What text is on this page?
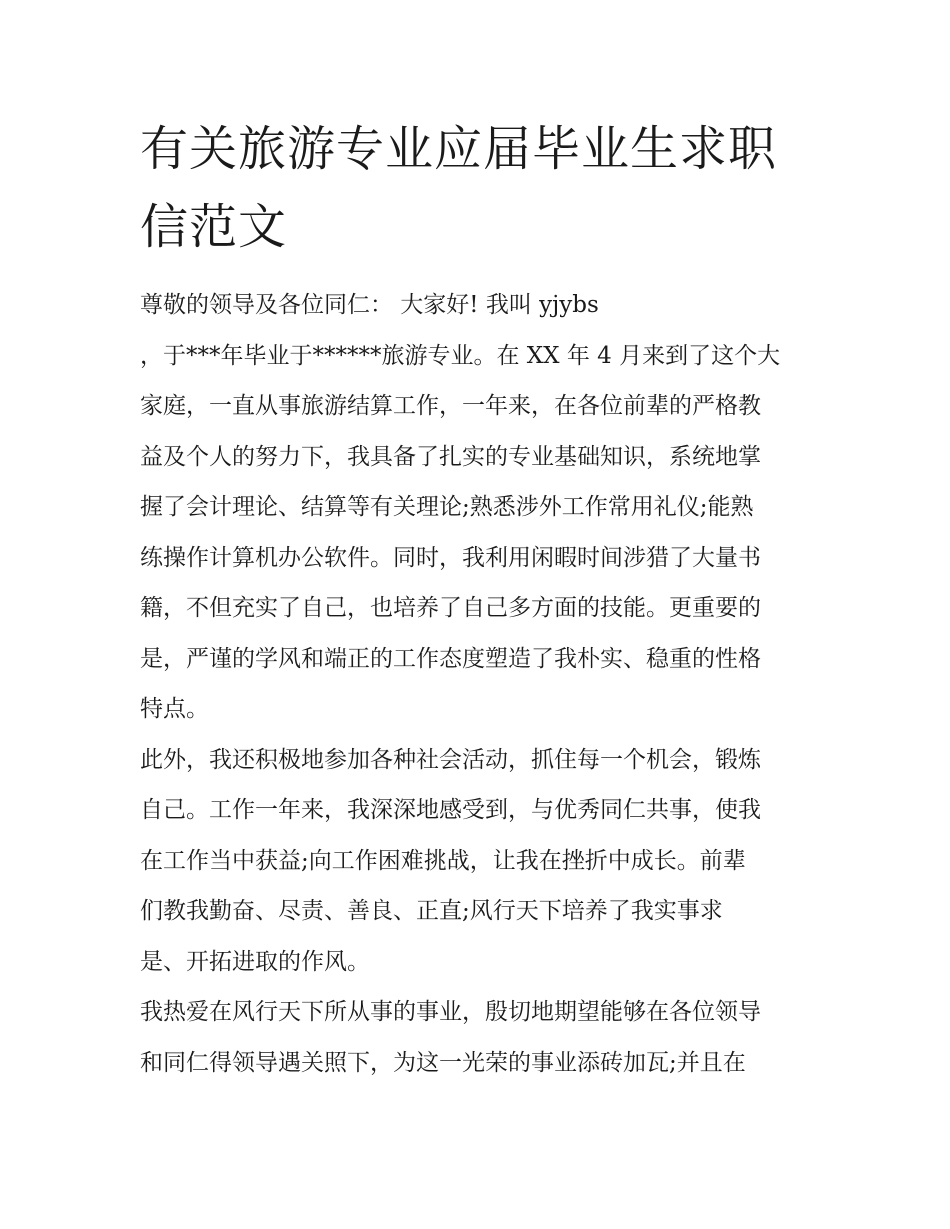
有关旅游专业应届毕业生求职
信范文

尊敬的领导及各位同仁： 大家好! 我叫 yjybs
，于***年毕业于******旅游专业。在 XX 年 4 月来到了这个大
家庭，一直从事旅游结算工作，一年来，在各位前辈的严格教
益及个人的努力下，我具备了扎实的专业基础知识，系统地掌
握了会计理论、结算等有关理论;熟悉涉外工作常用礼仪;能熟
练操作计算机办公软件。同时，我利用闲暇时间涉猎了大量书
籍，不但充实了自己，也培养了自己多方面的技能。更重要的
是，严谨的学风和端正的工作态度塑造了我朴实、稳重的性格
特点。

此外，我还积极地参加各种社会活动，抓住每一个机会，锻炼
自己。工作一年来，我深深地感受到，与优秀同仁共事，使我
在工作当中获益;向工作困难挑战，让我在挫折中成长。前辈
们教我勤奋、尽责、善良、正直;风行天下培养了我实事求
是、开拓进取的作风。

我热爱在风行天下所从事的事业，殷切地期望能够在各位领导
和同仁得领导遇关照下，为这一光荣的事业添砖加瓦;并且在
